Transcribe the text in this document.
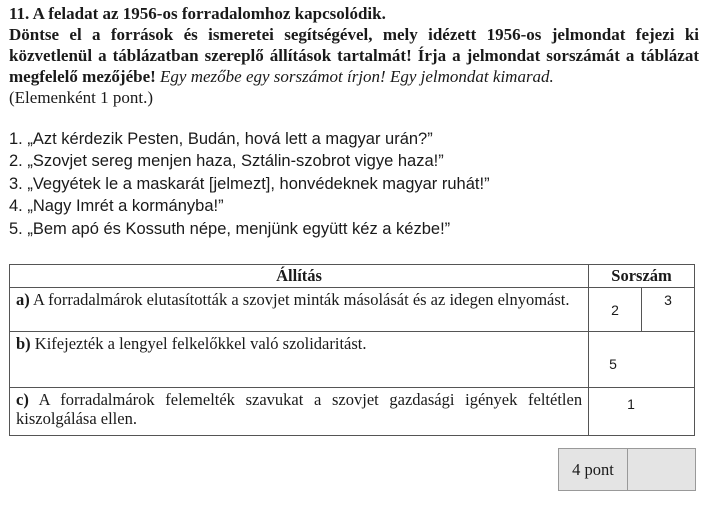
11. A feladat az 1956-os forradalomhoz kapcsolódik.
Döntse el a források és ismeretei segítségével, mely idézett 1956-os jelmondat fejezi ki közvetlenül a táblázatban szereplő állítások tartalmát! Írja a jelmondat sorszámát a táblázat megfelelő mezőjébe! Egy mezőbe egy sorszámot írjon! Egy jelmondat kimarad.
(Elemenként 1 pont.)
1. „Azt kérdezik Pesten, Budán, hová lett a magyar urán?”
2. „Szovjet sereg menjen haza, Sztálin-szobrot vigye haza!”
3. „Vegyétek le a maskarát [jelmezt], honvédeknek magyar ruhát!”
4. „Nagy Imrét a kormányba!”
5. „Bem apó és Kossuth népe, menjünk együtt kéz a kézbe!”
Állítás	Sorszám	
a) A forradalmárok elutasították a szovjet minták másolását és az idegen elnyomást.	2	3
b) Kifejezték a lengyel felkelőkkel való szolidaritást.	5	
c) A forradalmárok felemelték szavukat a szovjet gazdasági igények feltétlen kiszolgálása ellen.	1	
4 pont
